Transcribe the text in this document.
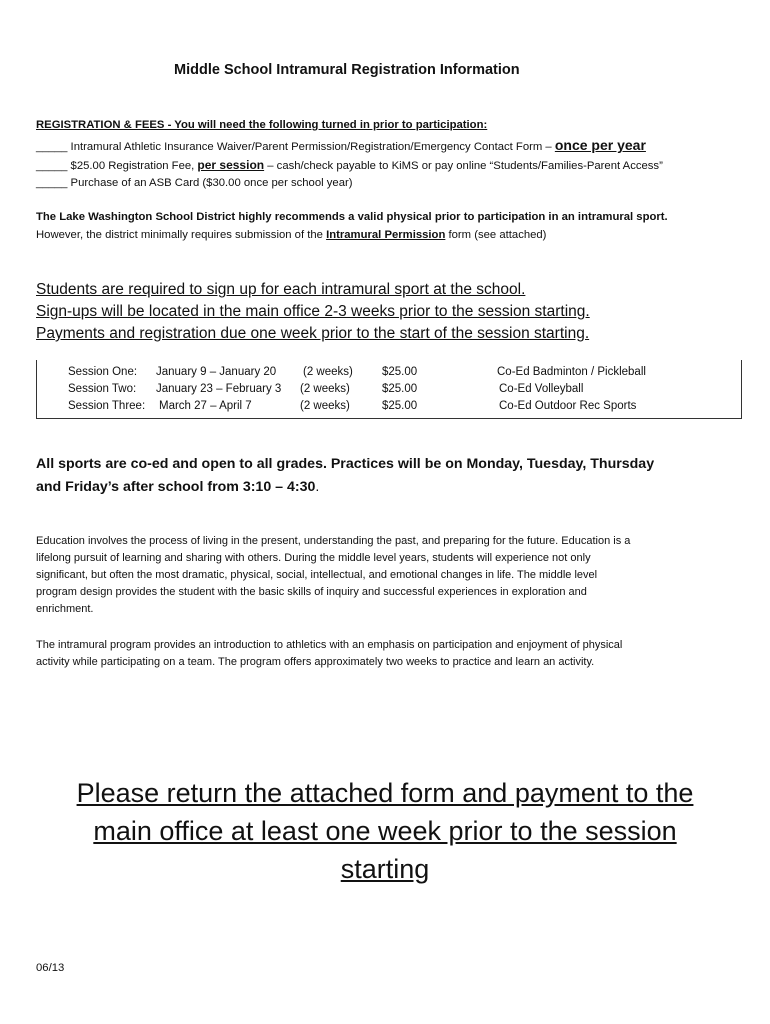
Middle School Intramural Registration Information
REGISTRATION & FEES - You will need the following turned in prior to participation:
_____ Intramural Athletic Insurance Waiver/Parent Permission/Registration/Emergency Contact Form – once per year
_____ $25.00 Registration Fee, per session – cash/check payable to KiMS or pay online “Students/Families-Parent Access”
_____ Purchase of an ASB Card ($30.00 once per school year)
The Lake Washington School District highly recommends a valid physical prior to participation in an intramural sport.
However, the district minimally requires submission of the Intramural Permission form (see attached)
Students are required to sign up for each intramural sport at the school.
Sign-ups will be located in the main office 2-3 weeks prior to the session starting.
Payments and registration due one week prior to the start of the session starting.
Session One: January 9 – January 20 (2 weeks)	$25.00	Co-Ed Badminton / Pickleball
Session Two: January 23 – February 3 (2 weeks)	$25.00	Co-Ed Volleyball
Session Three: March 27 – April 7	(2 weeks)	$25.00	Co-Ed Outdoor Rec Sports
All sports are co-ed and open to all grades. Practices will be on Monday, Tuesday, Thursday
and Friday’s after school from 3:10 – 4:30.
Education involves the process of living in the present, understanding the past, and preparing for the future. Education is a
lifelong pursuit of learning and sharing with others. During the middle level years, students will experience not only
significant, but often the most dramatic, physical, social, intellectual, and emotional changes in life. The middle level
program design provides the student with the basic skills of inquiry and successful experiences in exploration and
enrichment.
The intramural program provides an introduction to athletics with an emphasis on participation and enjoyment of physical
activity while participating on a team. The program offers approximately two weeks to practice and learn an activity.
Please return the attached form and payment to the
main office at least one week prior to the session
starting
06/13
